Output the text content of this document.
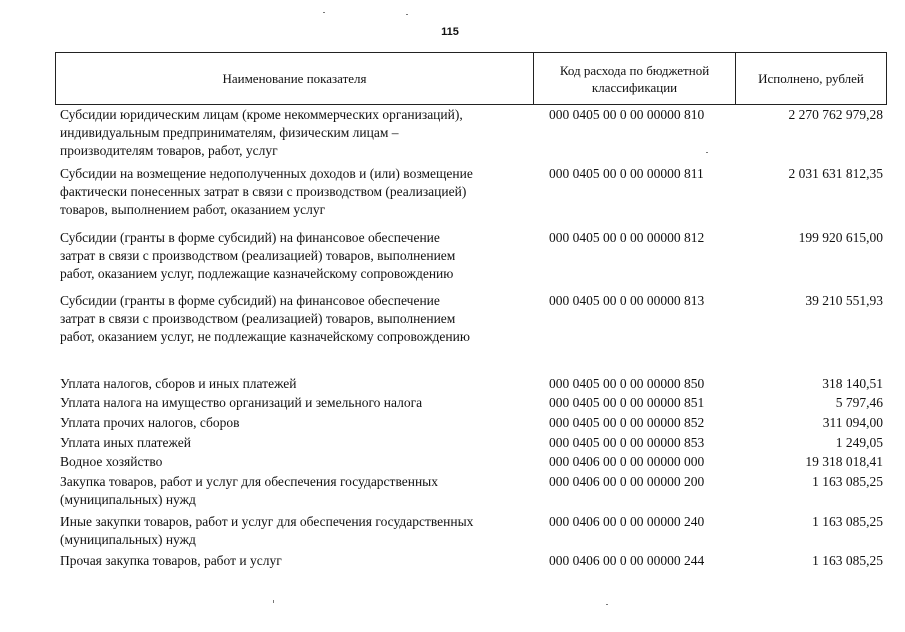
115
Наименование показателя
Код расхода по бюджетной классификации
Исполнено, рублей
Субсидии юридическим лицам (кроме некоммерческих организаций),
индивидуальным предпринимателям, физическим лицам –
производителям товаров, работ, услуг
000 0405 00 0 00 00000 810	2 270 762 979,28
Субсидии на возмещение недополученных доходов и (или) возмещение
фактически понесенных затрат в связи с производством (реализацией)
товаров, выполнением работ, оказанием услуг
000 0405 00 0 00 00000 811	2 031 631 812,35
Субсидии (гранты в форме субсидий) на финансовое обеспечение
затрат в связи с производством (реализацией) товаров, выполнением
работ, оказанием услуг, подлежащие казначейскому сопровождению
000 0405 00 0 00 00000 812	199 920 615,00
Субсидии (гранты в форме субсидий) на финансовое обеспечение
затрат в связи с производством (реализацией) товаров, выполнением
работ, оказанием услуг, не подлежащие казначейскому сопровождению
000 0405 00 0 00 00000 813	39 210 551,93
Уплата налогов, сборов и иных платежей	000 0405 00 0 00 00000 850	318 140,51
Уплата налога на имущество организаций и земельного налога	000 0405 00 0 00 00000 851	5 797,46
Уплата прочих налогов, сборов	000 0405 00 0 00 00000 852	311 094,00
Уплата иных платежей	000 0405 00 0 00 00000 853	1 249,05
Водное хозяйство	000 0406 00 0 00 00000 000	19 318 018,41
Закупка товаров, работ и услуг для обеспечения государственных
(муниципальных) нужд
000 0406 00 0 00 00000 200	1 163 085,25
Иные закупки товаров, работ и услуг для обеспечения государственных
(муниципальных) нужд
000 0406 00 0 00 00000 240	1 163 085,25
Прочая закупка товаров, работ и услуг	000 0406 00 0 00 00000 244	1 163 085,25
